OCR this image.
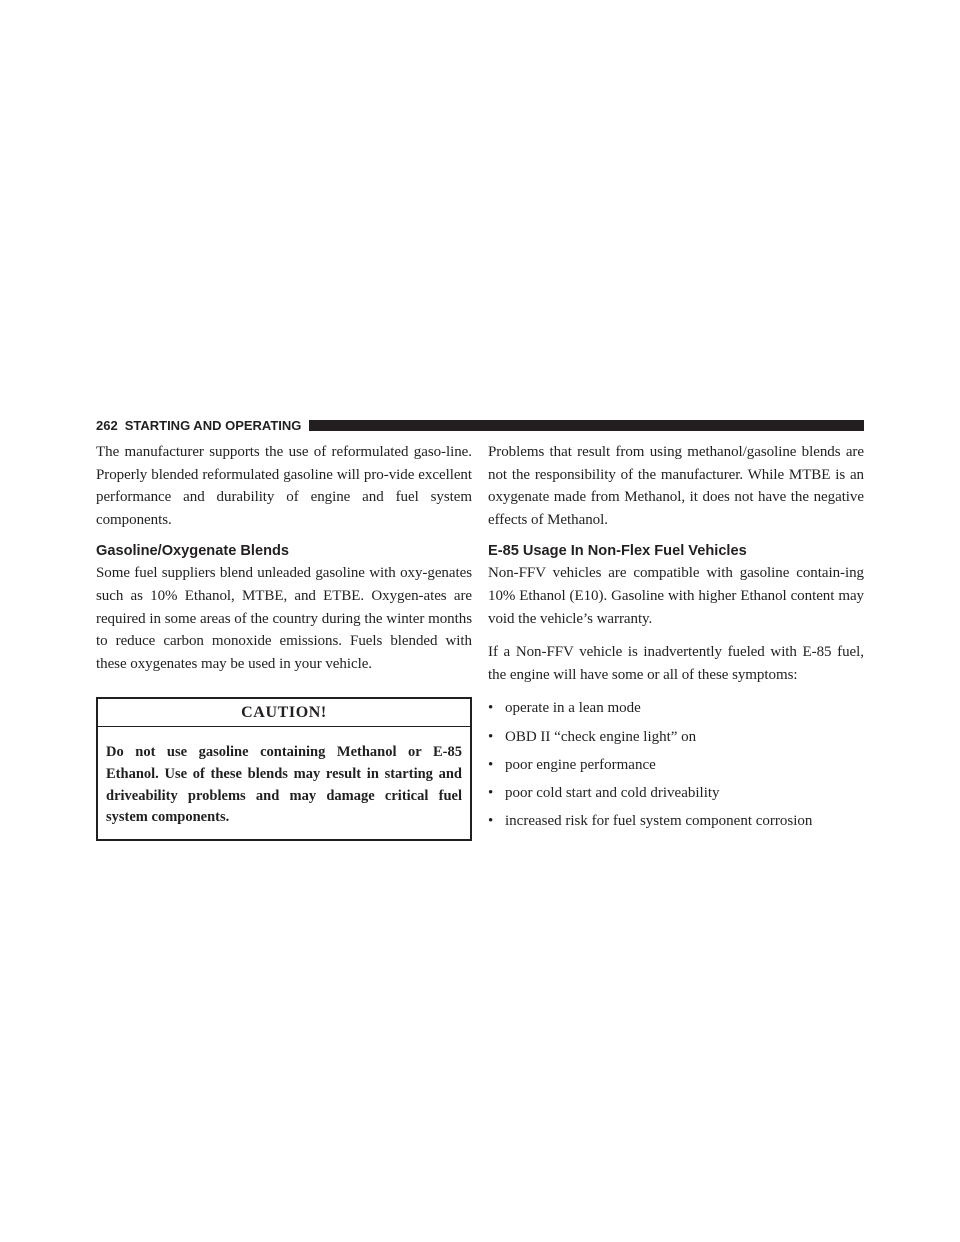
262 STARTING AND OPERATING

The manufacturer supports the use of reformulated gaso-line. Properly blended reformulated gasoline will pro-vide excellent performance and durability of engine and fuel system components.

Gasoline/Oxygenate Blends

Some fuel suppliers blend unleaded gasoline with oxy-genates such as 10% Ethanol, MTBE, and ETBE. Oxygen-ates are required in some areas of the country during the winter months to reduce carbon monoxide emissions. Fuels blended with these oxygenates may be used in your vehicle.

CAUTION!
Do not use gasoline containing Methanol or E-85 Ethanol. Use of these blends may result in starting and driveability problems and may damage critical fuel system components.

Problems that result from using methanol/gasoline blends are not the responsibility of the manufacturer. While MTBE is an oxygenate made from Methanol, it does not have the negative effects of Methanol.

E-85 Usage In Non-Flex Fuel Vehicles

Non-FFV vehicles are compatible with gasoline contain-ing 10% Ethanol (E10). Gasoline with higher Ethanol content may void the vehicle’s warranty.

If a Non-FFV vehicle is inadvertently fueled with E-85 fuel, the engine will have some or all of these symptoms:

• operate in a lean mode
• OBD II “check engine light” on
• poor engine performance
• poor cold start and cold driveability
• increased risk for fuel system component corrosion
